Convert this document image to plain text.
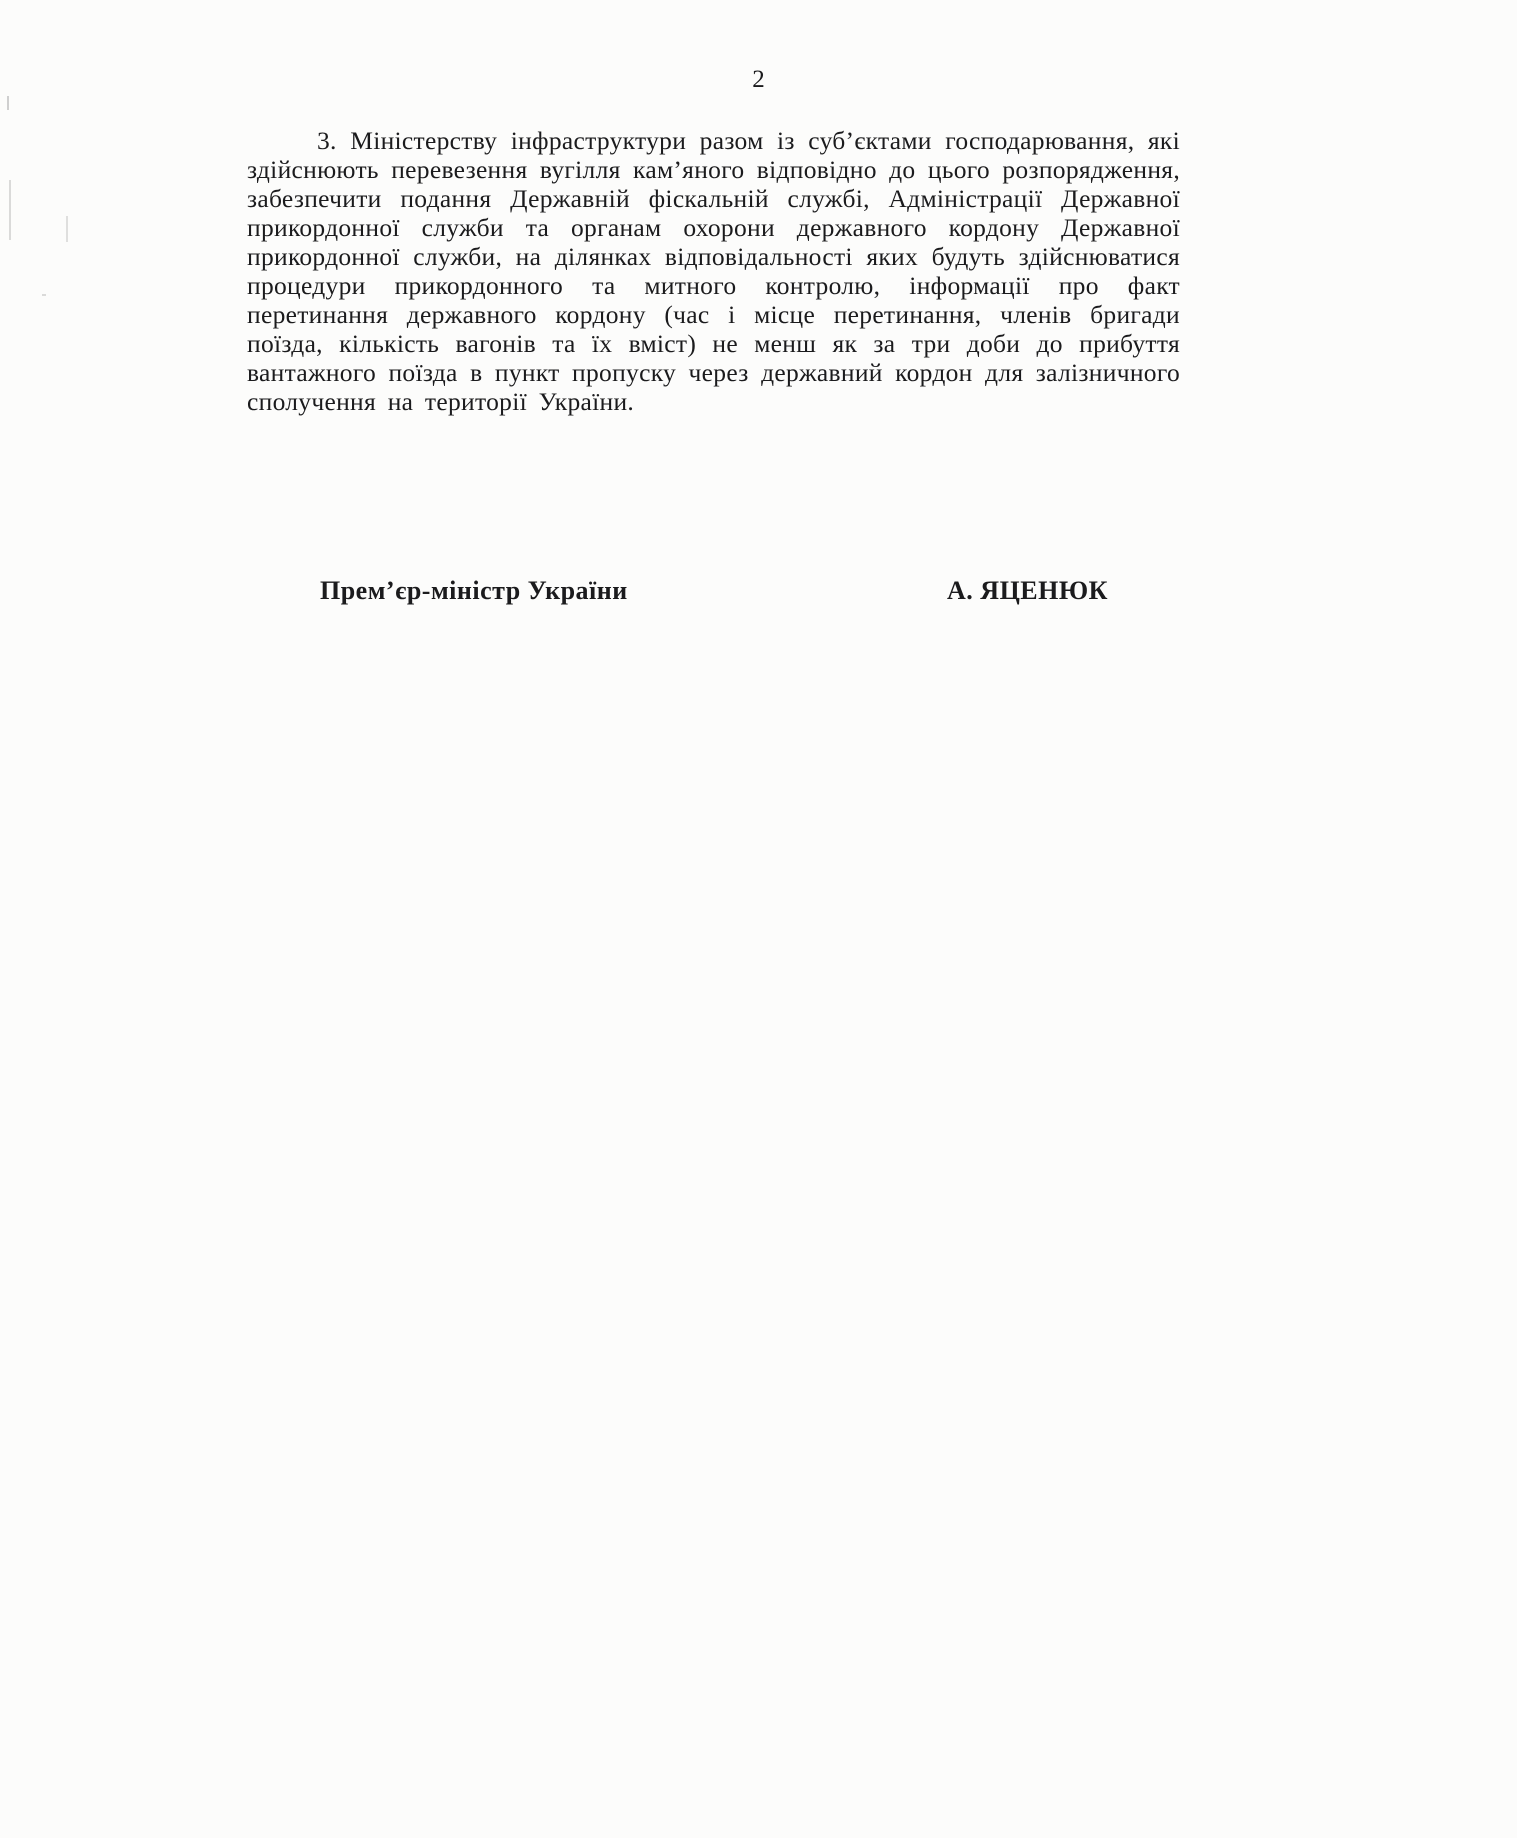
2
3. Міністерству інфраструктури разом із суб’єктами господарювання, які здійснюють перевезення вугілля кам’яного відповідно до цього розпорядження, забезпечити подання Державній фіскальній службі, Адміністрації Державної прикордонної служби та органам охорони державного кордону Державної прикордонної служби, на ділянках відповідальності яких будуть здійснюватися процедури прикордонного та митного контролю, інформації про факт перетинання державного кордону (час і місце перетинання, членів бригади поїзда, кількість вагонів та їх вміст) не менш як за три доби до прибуття вантажного поїзда в пункт пропуску через державний кордон для залізничного сполучення на території України.
Прем’єр-міністр України	А. ЯЦЕНЮК
